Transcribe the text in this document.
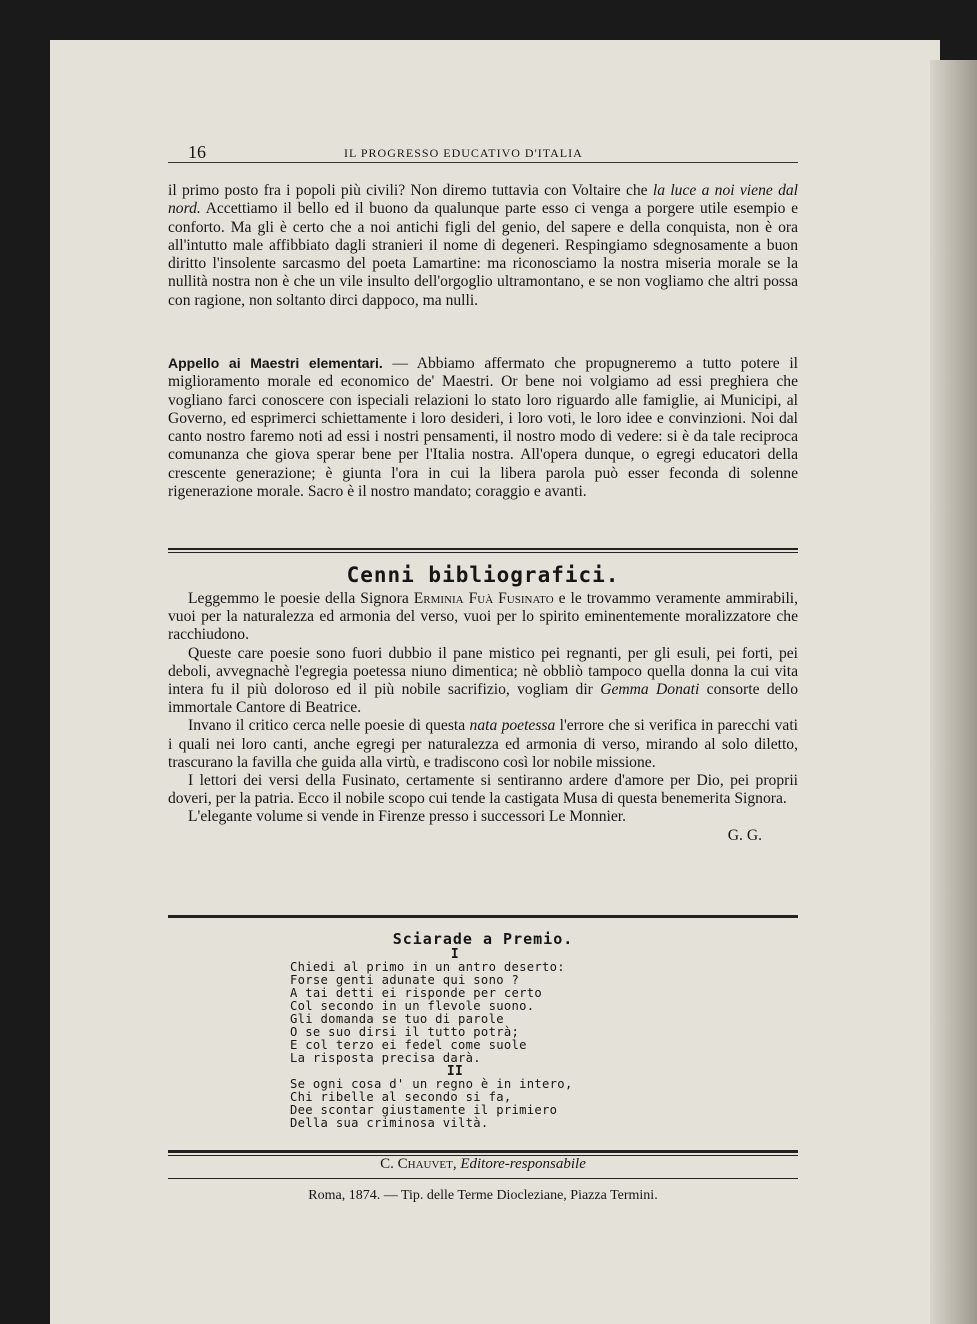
16	IL PROGRESSO EDUCATIVO D'ITALIA

il primo posto fra i popoli più civili? Non diremo tuttavia con Voltaire che la luce a noi viene dal nord. Accettiamo il bello ed il buono da qualunque parte esso ci venga a porgere utile esempio e conforto. Ma gli è certo che a noi antichi figli del genio, del sapere e della conquista, non è ora all'intutto male affibbiato dagli stranieri il nome di degeneri. Respingiamo sdegnosamente a buon diritto l'insolente sarcasmo del poeta Lamartine: ma riconosciamo la nostra miseria morale se la nullità nostra non è che un vile insulto dell'orgoglio ultramontano, e se non vogliamo che altri possa con ragione, non soltanto dirci dappoco, ma nulli.

Appello ai Maestri elementari. — Abbiamo affermato che propugneremo a tutto potere il miglioramento morale ed economico de' Maestri. Or bene noi volgiamo ad essi preghiera che vogliano farci conoscere con ispeciali relazioni lo stato loro riguardo alle famiglie, ai Municipi, al Governo, ed esprimerci schiettamente i loro desideri, i loro voti, le loro idee e convinzioni. Noi dal canto nostro faremo noti ad essi i nostri pensamenti, il nostro modo di vedere: si è da tale reciproca comunanza che giova sperar bene per l'Italia nostra. All'opera dunque, o egregi educatori della crescente generazione; è giunta l'ora in cui la libera parola può esser feconda di solenne rigenerazione morale. Sacro è il nostro mandato; coraggio e avanti.

Cenni bibliografici.

Leggemmo le poesie della Signora Erminia Fuà Fusinato e le trovammo veramente ammirabili, vuoi per la naturalezza ed armonia del verso, vuoi per lo spirito eminentemente moralizzatore che racchiudono.

Queste care poesie sono fuori dubbio il pane mistico pei regnanti, per gli esuli, pei forti, pei deboli, avvegnachè l'egregia poetessa niuno dimentica; nè obbliò tampoco quella donna la cui vita intera fu il più doloroso ed il più nobile sacrifizio, vogliam dir Gemma Donati consorte dello immortale Cantore di Beatrice.

Invano il critico cerca nelle poesie di questa nata poetessa l'errore che si verifica in parecchi vati i quali nei loro canti, anche egregi per naturalezza ed armonia di verso, mirando al solo diletto, trascurano la favilla che guida alla virtù, e tradiscono così lor nobile missione.

I lettori dei versi della Fusinato, certamente si sentiranno ardere d'amore per Dio, pei proprii doveri, per la patria. Ecco il nobile scopo cui tende la castigata Musa di questa benemerita Signora.

L'elegante volume si vende in Firenze presso i successori Le Monnier.

G. G.

Sciarade a Premio.
I
Chiedi al primo in un antro deserto:
Forse genti adunate qui sono ?
A tai detti ei risponde per certo
Col secondo in un flevole suono.
Gli domanda se tuo di parole
O se suo dirsi il tutto potrà;
E col terzo ei fedel come suole
La risposta precisa darà.
II
Se ogni cosa d' un regno è in intero,
Chi ribelle al secondo si fa,
Dee scontar giustamente il primiero
Della sua criminosa viltà.
C. Chauvet, Editore-responsabile
Roma, 1874. — Tip. delle Terme Diocleziane, Piazza Termini.
